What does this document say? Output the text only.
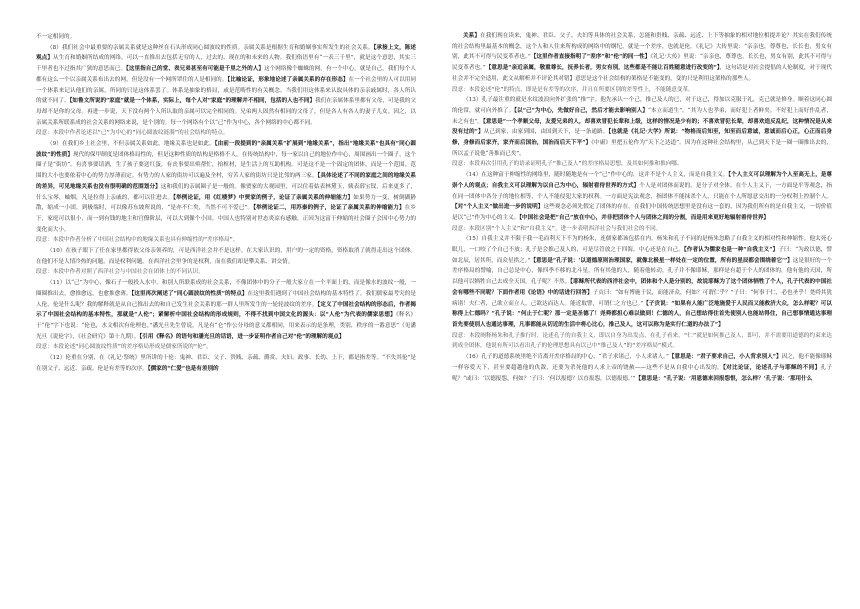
不一定相同的。

（8）我们社会中最重要的亲属关系就是这种丝在石头形成同心圆波纹的性质。亲属关系是根据生育和婚姻事实所发生的社会关系。【承接上文，陈述观点】从生育和婚姻所结成的网络，可以一直推出去包括无穷的人，过去的、现在的和未来的人物。我们俗语里有“一表三千里”，就是这个意思，其实三千里者也不过指其广狭的意思而已。【这里指自己的堂、表兄弟甚至有可能是千里之外的人】这个网络像个蜘蛛的网，有一个中心，就是自己。我们每个人都有这么一个以亲属关系布出去的网，但是没有一个网所罩住的人是相同的。【比喻论证，形象地论述了亲属关系的存在形态】在一个社会里的人可以用同一个体系来记认他们的亲属，所同的只是这体系罢了。体系是抽象的格局，或是范畴性的有关概念。当我们用这体系来认取具体的亲亲戚属时，各人所认的就不同了。【如鲁文所说的“家庭”就是一个体系，实际上，每个人对“家庭”的理解并不相同，包括的人也不同】我们在亲属体系里都有父母，可是我的父母却不是你的父母。再进一步说，天下没有两个人所认取的亲属可以完全相同的。兄弟两人固然有相同的父母了，但是各人有各人的妻子儿女。因之，以亲属关系所联系成的社会关系的网络来说，是个别的。每一个网络有个以“己”作为中心，各个网络的中心都不同。

段意：本段中作者论述以“己”为中心的“同心圆波纹涟漪”的社会结构的特点。

（9）在我们乡土社会里，不但亲属关系如此，地缘关系也是如此。【由前一段提到的“亲属关系”扩展到“地缘关系”，指出“地缘关系”也具有“同心圆波纹”的性质】现代的保甲制度是团体格局性的，但是这种性质的结构是格格不人，在传统结构中，每一家以自己的地位作中心，周围画出一个圈子，这个圈子是“街坊”。有喜事要请酒，生了孩子要送红蛋，有丧事要出殡帮忙，抬棺材，是生活上的互助机构。可是这不是一个固定的团体，而是一个范围。范围的大小也要依着中心的势力厚薄而定。有势力的人家的街坊可以遍及全村，穷苦人家的街坊只是比邻的两三家。【具体论述了不同的家庭之间的地缘关系的差异，可见地缘关系也没有很明确的范围划分】这和我们的亲属圈子是一般的。像贾家的大观园里，可以住着姑表林黛玉，姨表薛宝钗，后来更多了，什么宝琴，岫烟，凡是拉得上亲戚的，都可以住进去。【举例论证，用《红楼梦》中贾家的例子，论证了亲属关系的伸缩能力】如果势力一变，树倒猢狲散，缩成一小团。到极端时，可以像苏东坡所说的，“是亦不仁矣，当然不可不爱已”。【举例论证二，用苏秦的例子，论证了亲属关系的伸缩能力】在乡下，家庭可以很小，而一到有钱的地主和官僚阶层，可以大到像个小国。中国人也特别对世态炎凉有感触，正因为这富于伸缩的社会圈子会因中心势力的变化而大小。

段意：本段中作者分析了中国社会结构中的地缘关系也具有伸缩性的“差序格局”。

（10）在孩子眼下了任在家里都得依父母亲领养的，可是西洋社会并不是这样。在大家认识的，用户的一定的资格，资格取消了就得走出这个团体。在他们不是人情冷热的问题，而是权利问题。在西洋社会里争的是权利，而在我们却是攀关系、讲交情。

段意：本段中作者对照了西洋社会与中国社会在团体上的不同认识。

（11）以“己”为中心，像石子一般投入水中，和别人所联系成的社会关系，不像团体中的分子一般大家立在一个平面上的，而是像水的波纹一般，一圈圈推出去，愈推愈远，也愈推愈薄。【这里再次阐述了“同心圆波纹的性质”的特点】在这里我们遇到了中国社会结构的基本特性了。我们儒家最考究的是人伦，伦是什么呢？我的解释就是从自己推出去的和自己发生社会关系的那一群人里所发生的一轮轮波纹的差序。【定义了中国社会结构的形态后，作者揭示了中国社会结构的基本特性，那就是“人伦”；紧解析中国社会结构的形成规则，不得不找到中国文化的源头：以“人伦”为代表的儒家思想】《释名》于“伦”字下也说：“伦也，水文相次有伦理也。”潘光旦先生曾说，凡是有“仑”作公分母的意义都相同，用来表示的是条理，类别，秩序的一番意思”（见潘光旦《说伦字》，《社会研究》第十九期）。【引用《释名》的语句和潘光旦的话语，进一步证明作者自己对“伦”的理解的观点】

段意：本段论述“同心圆波纹性质”的差序格局形成是儒家所说的“伦”。

（12）伦重在分别，在《礼记·祭统》里所讲的十伦：鬼神、君臣、父子、贵贱、亲疏、爵赏、夫妇、政事、长幼、上下，都是指差等。“不失其伦”是在别父子、远近、亲疏。伦是有差等的次序。【儒家的“仁爱”也是有差别的

关系】在我们现在读来，鬼神、君臣、父子、夫妇等具体的社会关系，怎能和贵贱、亲疏、远近、上下等抽象的相对地位相提并论？其实在我们传统的社会结构里最基本的概念，这个人和人往来所构成的网络中的纲纪，就是一个差序，也就是伦。《礼记》大传里说：“亲亲也，尊尊也，长长也，男女有别，此其不可得与民变革者也。”【这里作者直接指明了“差序”和“伦”的同一性】《礼记·大传》里说：“亲亲也，尊尊也，长长也，男女有别，此其不可得与民变革者也。”【意思是“亲近亲属，敬重尊长，抚养长者，男女有别，这些都是不能让百姓随意进行改变的”】，这句话是对社会提倡的人伦制度，对于现代社会并不完全适用，此文从解析并不评论其对错】意思是这个社会结构的架格是不能变的，变的只是利用这架格的那些人。

段意：本段论述“伦”的特点，即是是有差等的次序，并且在所要区别的差等性上，不能随意变革。

（13）孔子最注重的就是水纹波浪向外扩张的“推”字。他先承认一个己，推己及人的已，对于这己，得加以克服于礼，克己就是修身。顺着这同心圆的伦常，就可向外推了。【以“己”为中心，先做好自己，然后才能去影响别人】“本立而道生”。“其为人也孝弟，而好犯上者鲜矣。不好犯上而好作乱者，未之有也”。【意思是“一个孝顺父母，友爱兄弟的人，却喜欢冒犯长辈和上级，这样的情况是少有的；不喜欢冒犯长辈，却喜欢造反乱纪，这种情况是从来没有过的”】从己到家，由家到国，由国到天下，是一条通路。【也就是《礼记·大学》所说：“物格而后知至，知至而后意诚，意诚而后心正，心正而后身修，身修而后家齐，家齐而后国治，国治而后天下平”】《中庸》里把五伦作为“天下之达道”。因为在这种社会结构里，从己到天下是一圈一圈推出去的，所以孟子说他“善推而已矣”。

段意：本段再次引用孔子的语录证明孔子“推己及人”的差序格局思想，及其如何推和推向哪。

（14）在这种富于伸缩性的网络里，随时随地是有一个“己”作中心的，这并不是个人主义，而是自我主义。【个人主义可以理解为个人至高无上，是尊崇个人的观点；自我主义可以理解为以自己为中心，辐射看待世界的方式】个人是对团体而说的，是分子对全体。在个人主义下，一方面是平等观念，指在同一团体中各分子的地位相等，个人不能侵犯大家的权利。一方面是宪法观念，指团体不能抹杀个人，只能在个人所愿意交出的一分权利上控制个人。【对“个人主义”做出进一步的说明】这些观念必须先假定了团体的存在。在我们中国传统思想里是没有这一套的，因为我们所有的是自我主义，一切价值是以“己”作为中心的主义。【中国社会是把“自己”放在中心，并非把团体个人与团体之间的分割，而是用来更好地辐射着待世界】

段意：本段区别“个人主义”和“自我主义”，进一步表明西洋社会与我们社会的不同。

（15）自我主义并不限于我一毛而利天下不为的杨朱，连儒家都该包括在内。杨朱和孔子不同的是杨朱忽略了自我主义的相对性和伸缩性。他太死心眼儿，一口咬了个自己不放；孔子是会推己及人的，可是尽管放之于四海，中心还是在自己。【作者认为儒家也是一种“自我主义”】子曰：“为政以德，譬如北辰，居其所，而众星拱之。”【意思是“孔子说：‘以道德原则治理国家，就像北极星一样处在一定的位置，所有的星辰都会围绕着它’”】这是很好的一个差序格局的譬喻，自己总是中心，像四季不移的北斗星，所有其他的人，随着他转动。孔子并不像耶稣，那样是有超于个人的团体的，他有他的天国，所以他可以牺牲自己去成全天国。孔子呢？不然。【耶稣所代表的西洋社会中，团体和个人是分别的，故说耶稣为了这个团体牺牲了个人，孔子代表的中国社会有哪些不同呢？下面作者用《论语》中的话进行回答】子贡曰：“如有博施于民，而能济众，何如？可谓仁乎？”子曰：“何事于仁，必也圣乎！尧舜其犹病诸！夫仁者，己欲立而立人，己欲达而达人。能近取譬，可谓仁之方也已。”【子贡说：“如果有人能广泛地施爱于人民而又能救济大众，怎么样呢？可以称得上仁德吗？”孔子说：“何止于仁呢？那一定是圣德了！尧舜都担心难以做到！仁德的人，自己想站得住首先使别人也能站得住，自己想事情通达事理首先要使别人也通达事理，凡事都能从切近的生活中将心比心，推己及人，这可以称为是实行仁道的办法了”】

段意：本段阐释杨朱和孔子推行时，论述孔子的自我主义，即以自身为出发点，在孔子看来，“仁”就是如何推己及人，即可，并不需要用道德的约束来达到成全团体，他说有所可以看出孔子的伦理思想具有以己中“推己及人”的“差序格局”模式。

（16）孔子的道德系统里绝不肯离开差序格局的中心，“君子求诸己，小人求诸人。”【意思是：“君子要求自己，小人背求别人”】因之，他不能像耶稣一样容爱天下，甚至要超越他的仇敌，还要为杀死他的人求上帝的饶赦——这些不是从自我中心出发的。【对比论证，论述孔子与耶稣的不同】孔子呢？“或曰：‘以德报怨，何如？’子曰：‘何以报德？以直报怨，以德报德。’”【意思是：“孔子说：‘用恩德来回报怨恨，怎么样？’孔子说：‘那用什么
